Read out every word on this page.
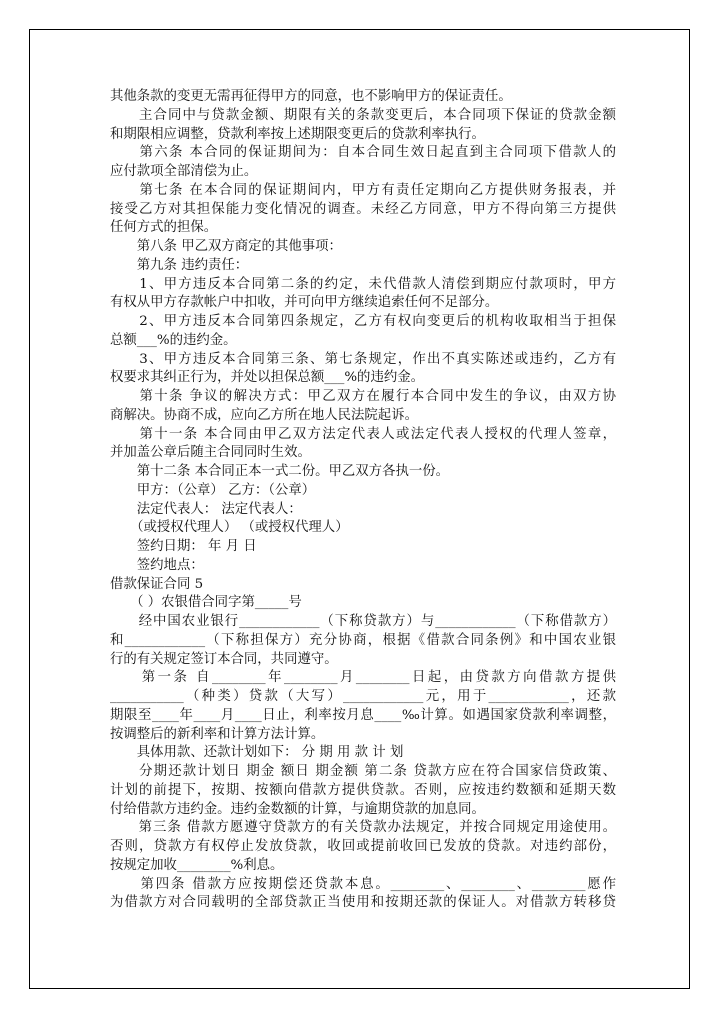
其他条款的变更无需再征得甲方的同意，也不影响甲方的保证责任。
　　主合同中与贷款金额、期限有关的条款变更后，本合同项下保证的贷款金额
和期限相应调整，贷款利率按上述期限变更后的贷款利率执行。
　　第六条 本合同的保证期间为：自本合同生效日起直到主合同项下借款人的
应付款项全部清偿为止。
　　第七条 在本合同的保证期间内，甲方有责任定期向乙方提供财务报表，并
接受乙方对其担保能力变化情况的调查。未经乙方同意，甲方不得向第三方提供
任何方式的担保。
　　第八条 甲乙双方商定的其他事项：
　　第九条 违约责任：
　　1、甲方违反本合同第二条的约定，未代借款人清偿到期应付款项时，甲方
有权从甲方存款帐户中扣收，并可向甲方继续追索任何不足部分。
　　2、甲方违反本合同第四条规定，乙方有权向变更后的机构收取相当于担保
总额___%的违约金。
　　3、甲方违反本合同第三条、第七条规定，作出不真实陈述或违约，乙方有
权要求其纠正行为，并处以担保总额___%的违约金。
　　第十条 争议的解决方式：甲乙双方在履行本合同中发生的争议，由双方协
商解决。协商不成，应向乙方所在地人民法院起诉。
　　第十一条 本合同由甲乙双方法定代表人或法定代表人授权的代理人签章，
并加盖公章后随主合同同时生效。
　　第十二条 本合同正本一式二份。甲乙双方各执一份。
　　甲方：（公章） 乙方：（公章）
　　法定代表人： 法定代表人：
　　（或授权代理人） （或授权代理人）
　　签约日期： 年 月 日
　　签约地点：
借款保证合同 5
　　（ ）农银借合同字第_____号
　　经中国农业银行____________（下称贷款方）与____________（下称借款方）
和____________（下称担保方）充分协商，根据《借款合同条例》和中国农业银
行的有关规定签订本合同，共同遵守。
　　第一条 自________年________月________日起，由贷款方向借款方提供
___________（种类）贷款（大写）____________元，用于____________，还款
期限至____年____月____日止，利率按月息____‰计算。如遇国家贷款利率调整，
按调整后的新利率和计算方法计算。
　　具体用款、还款计划如下： 分 期 用 款 计 划
　　分期还款计划日 期金 额日 期金额 第二条 贷款方应在符合国家信贷政策、
计划的前提下，按期、按额向借款方提供贷款。否则，应按违约数额和延期天数
付给借款方违约金。违约金数额的计算，与逾期贷款的加息同。
　　第三条 借款方愿遵守贷款方的有关贷款办法规定，并按合同规定用途使用。
否则，贷款方有权停止发放贷款，收回或提前收回已发放的贷款。对违约部份，
按规定加收________%利息。
　　第四条 借款方应按期偿还贷款本息。________、________、________愿作
为借款方对合同载明的全部贷款正当使用和按期还款的保证人。对借款方转移贷
